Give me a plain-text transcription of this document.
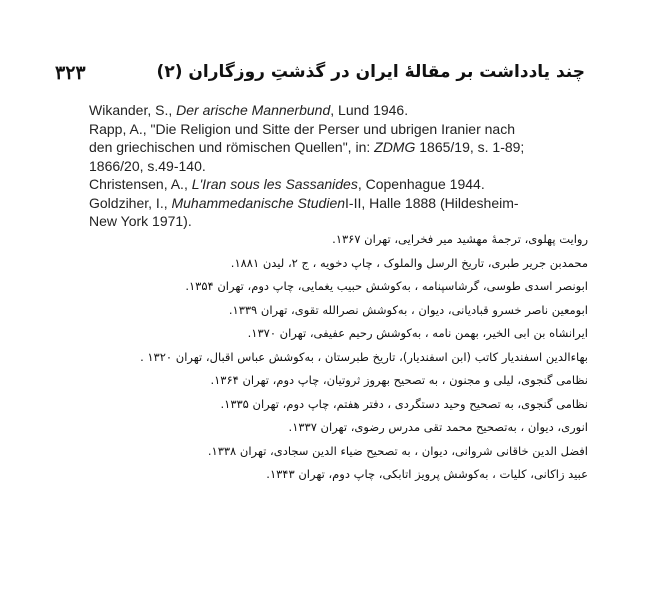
۳۲۳	چند یادداشت بر مقالهٔ ایران در گذشتِ روزگاران (۲)

Wikander, S., Der arische Mannerbund, Lund 1946.

Rapp, A., "Die Religion und Sitte der Perser und ubrigen Iranier nach den griechischen und römischen Quellen", in: ZDMG 1865/19, s. 1-89; 1866/20, s.49-140.

Christensen, A., L'Iran sous les Sassanides, Copenhague 1944.

Goldziher, I., Muhammedanische StudienI-II, Halle 1888 (Hildesheim- New York 1971).

روایت پهلوی، ترجمهٔ مهشید میر فخرایی، تهران ۱۳۶۷.

محمدبن جریر طبری، تاریخ الرسل والملوک ، چاپ دخویه ، ج ۲، لیدن ۱۸۸۱.

ابونصر اسدی طوسی، گرشاسپنامه ، به‌کوشش حبیب یغمایی، چاپ دوم، تهران ۱۳۵۴.

ابومعین ناصر خسرو قبادیانی، دیوان ، به‌کوشش نصرالله تقوی، تهران ۱۳۳۹.

ایرانشاه بن ابی الخیر، بهمن نامه ، به‌کوشش رحیم عفیفی، تهران ۱۳۷۰.

بهاءالدین اسفندیار کاتب (ابن اسفندیار)، تاریخ طبرستان ، به‌کوشش عباس اقبال، تهران ۱۳۲۰ .

نظامی گنجوی، لیلی و مجنون ، به تصحیح بهروز ثروتیان، چاپ دوم، تهران ۱۳۶۴.

نظامی گنجوی، به تصحیح وحید دستگردی ، دفتر هفتم، چاپ دوم، تهران ۱۳۳۵.

انوری، دیوان ، به‌تصحیح محمد تقی مدرس رضوی، تهران ۱۳۳۷.

افضل الدین خاقانی شروانی، دیوان ، به تصحیح ضیاء الدین سجادی، تهران ۱۳۳۸.

عبید زاکانی، کلیات ، به‌کوشش پرویز اتابکی، چاپ دوم، تهران ۱۳۴۳.
